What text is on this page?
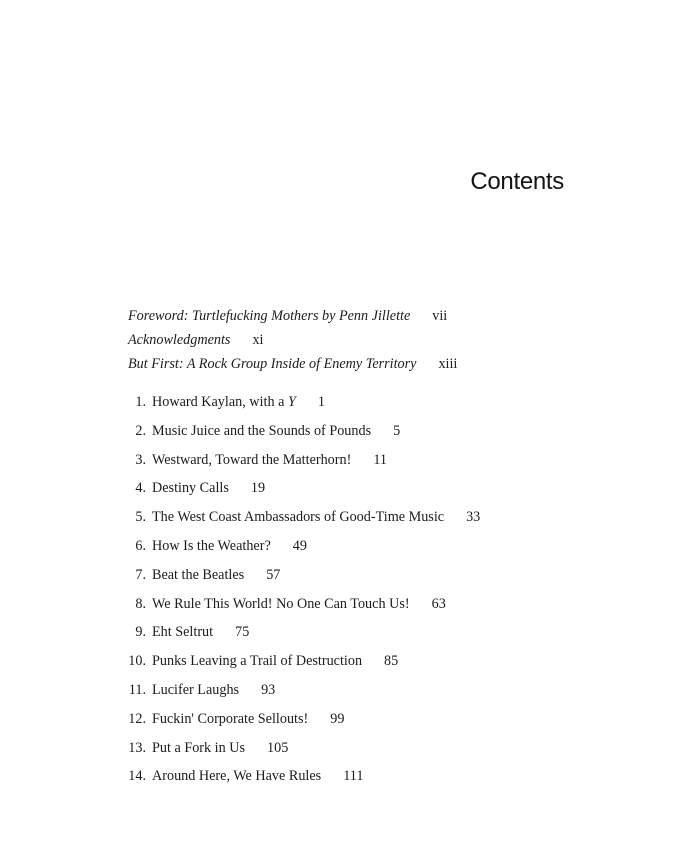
Contents
Foreword: Turtlefucking Mothers by Penn Jillette vii
Acknowledgments xi
But First: A Rock Group Inside of Enemy Territory xiii
1. Howard Kaylan, with a Y 1
2. Music Juice and the Sounds of Pounds 5
3. Westward, Toward the Matterhorn! 11
4. Destiny Calls 19
5. The West Coast Ambassadors of Good-Time Music 33
6. How Is the Weather? 49
7. Beat the Beatles 57
8. We Rule This World! No One Can Touch Us! 63
9. Eht Seltrut 75
10. Punks Leaving a Trail of Destruction 85
11. Lucifer Laughs 93
12. Fuckin' Corporate Sellouts! 99
13. Put a Fork in Us 105
14. Around Here, We Have Rules 111
